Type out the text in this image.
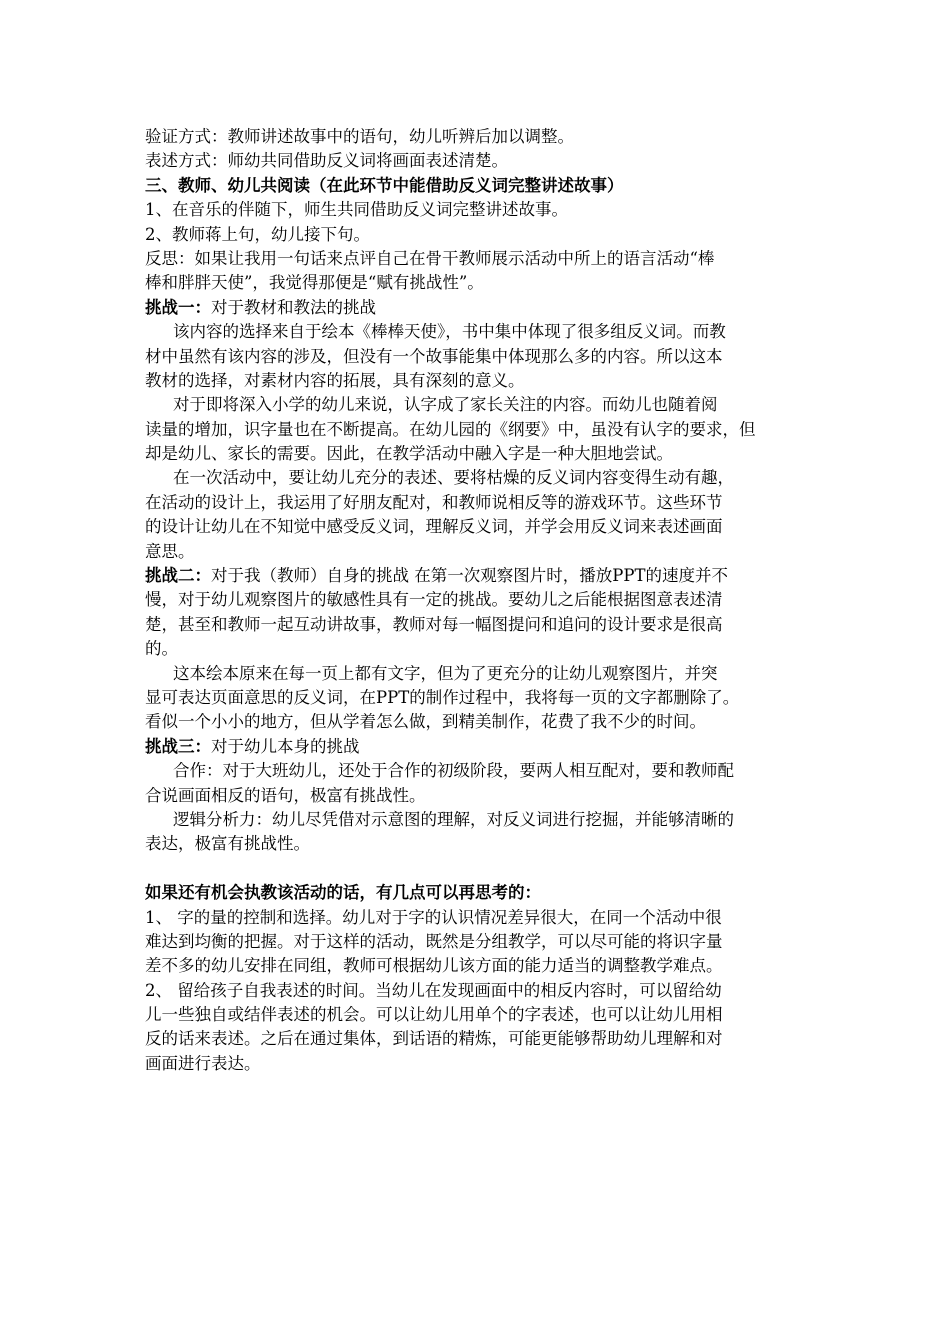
验证方式：教师讲述故事中的语句，幼儿听辨后加以调整。
表述方式：师幼共同借助反义词将画面表述清楚。
三、教师、幼儿共阅读（在此环节中能借助反义词完整讲述故事）
1、在音乐的伴随下，师生共同借助反义词完整讲述故事。
2、教师蒋上句，幼儿接下句。
反思：如果让我用一句话来点评自己在骨干教师展示活动中所上的语言活动“棒
棒和胖胖天使”，我觉得那便是“赋有挑战性”。
挑战一：对于教材和教法的挑战
该内容的选择来自于绘本《棒棒天使》，书中集中体现了很多组反义词。而教
材中虽然有该内容的涉及，但没有一个故事能集中体现那么多的内容。所以这本
教材的选择，对素材内容的拓展，具有深刻的意义。
对于即将深入小学的幼儿来说，认字成了家长关注的内容。而幼儿也随着阅
读量的增加，识字量也在不断提高。在幼儿园的《纲要》中，虽没有认字的要求，但
却是幼儿、家长的需要。因此，在教学活动中融入字是一种大胆地尝试。
在一次活动中，要让幼儿充分的表述、要将枯燥的反义词内容变得生动有趣，
在活动的设计上，我运用了好朋友配对，和教师说相反等的游戏环节。这些环节
的设计让幼儿在不知觉中感受反义词，理解反义词，并学会用反义词来表述画面
意思。
挑战二：对于我（教师）自身的挑战 在第一次观察图片时，播放PPT的速度并不
慢，对于幼儿观察图片的敏感性具有一定的挑战。要幼儿之后能根据图意表述清
楚，甚至和教师一起互动讲故事，教师对每一幅图提问和追问的设计要求是很高
的。
这本绘本原来在每一页上都有文字，但为了更充分的让幼儿观察图片，并突
显可表达页面意思的反义词，在PPT的制作过程中，我将每一页的文字都删除了。
看似一个小小的地方，但从学着怎么做，到精美制作，花费了我不少的时间。
挑战三：对于幼儿本身的挑战
合作：对于大班幼儿，还处于合作的初级阶段，要两人相互配对，要和教师配
合说画面相反的语句，极富有挑战性。
逻辑分析力：幼儿尽凭借对示意图的理解，对反义词进行挖掘，并能够清晰的
表达，极富有挑战性。
如果还有机会执教该活动的话，有几点可以再思考的：
1、 字的量的控制和选择。幼儿对于字的认识情况差异很大，在同一个活动中很
难达到均衡的把握。对于这样的活动，既然是分组教学，可以尽可能的将识字量
差不多的幼儿安排在同组，教师可根据幼儿该方面的能力适当的调整教学难点。
2、 留给孩子自我表述的时间。当幼儿在发现画面中的相反内容时，可以留给幼
儿一些独自或结伴表述的机会。可以让幼儿用单个的字表述，也可以让幼儿用相
反的话来表述。之后在通过集体，到话语的精炼，可能更能够帮助幼儿理解和对
画面进行表达。
